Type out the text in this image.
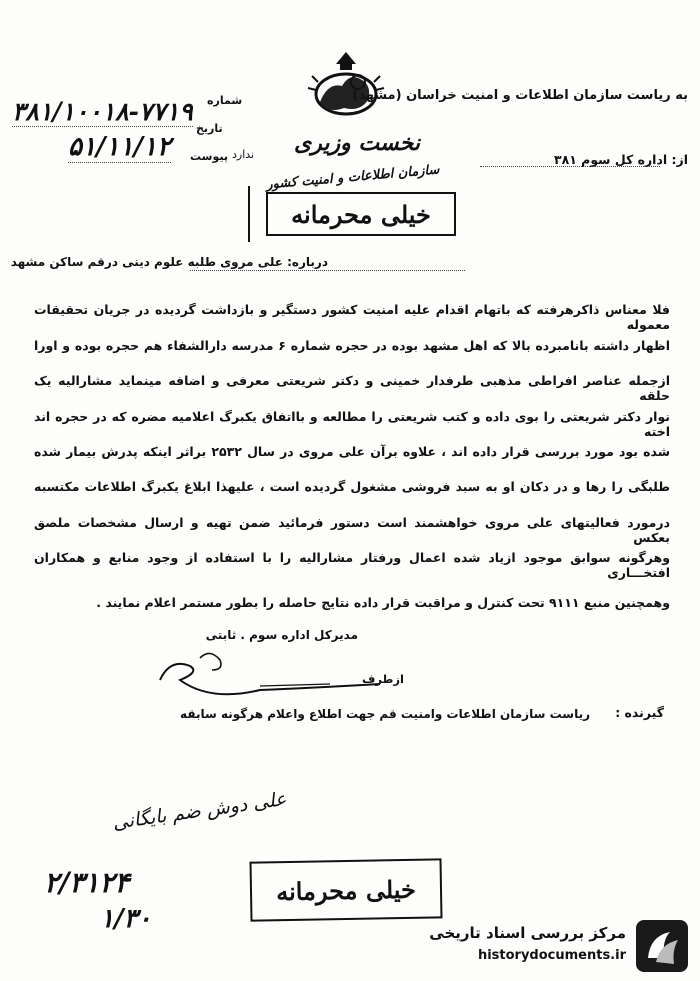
به ریاست سازمان اطلاعات و امنیت خراسان (مشهد)
شماره
تاریخ
پیوست ندارد
۳۸۱/۱۰۰۱۸-۷۷۱۹
۵۱/۱۱/۱۲	نخست وزیری
سازمان اطلاعات و امنیت کشور
از: اداره کل سوم ۳۸۱
خیلی محرمانه
درباره: علی مروی طلبه علوم دینی درقم ساکن مشهد
فلا معناس ذاکرهرفته که باتهام اقدام علیه امنیت کشور دستگیر و بازداشت گردیده در جریان تحقیقات معموله
اظهار داشته بانامبرده بالا که اهل مشهد بوده در حجره شماره ۶ مدرسه دارالشفاء هم حجره بوده و اورا
ازجمله عناصر افراطی مذهبی طرفدار خمینی و دکتر شریعتی معرفی و اضافه مینماید مشارالیه یک حلقه
نوار دکتر شریعتی را بوی داده و کتب شریعتی را مطالعه و بااتفاق یکبرگ اعلامیه مضره که در حجره اند اخته
شده بود مورد بررسی قرار داده اند ، علاوه برآن علی مروی در سال ۲۵۳۲ براثر اینکه پدرش بیمار شده
طلبگی را رها و در دکان او به سبد فروشی مشغول گردیده است ، علیهذا ابلاغ یکبرگ اطلاعات مکتسبه
درمورد فعالیتهای علی مروی خواهشمند است دستور فرمائید ضمن تهیه و ارسال مشخصات ملصق بعکس
وهرگونه سوابق موجود ازیاد شده اعمال ورفتار مشارالیه را با استفاده از وجود منابع و همکاران افتخـــاری
وهمچنین منبع ۹۱۱۱ تحت کنترل و مراقبت قرار داده نتایج حاصله را بطور مستمر اعلام نمایند .
مدیرکل اداره سوم . ثابتی
ازطرف
گیرنده :
ریاست سازمان اطلاعات وامنیت قم جهت اطلاع واعلام هرگونه سابقه
علی دوش ضم بایگانی
۲/۳۱۲۴
۱/۳۰
خیلی محرمانه
مرکز بررسی اسناد تاریخی
historydocuments.ir
